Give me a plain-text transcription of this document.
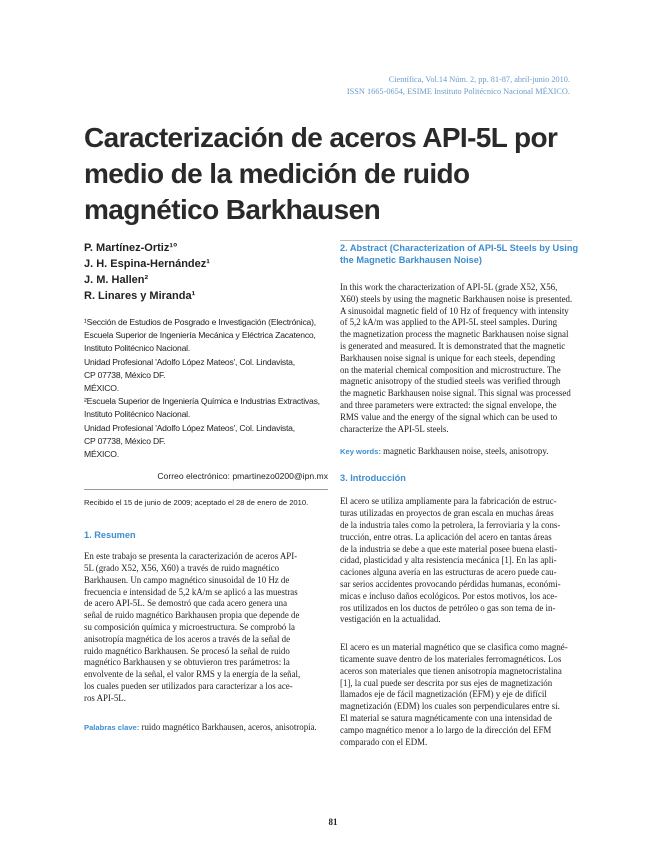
Científica, Vol.14 Núm. 2, pp. 81-87, abril-junio 2010.
ISSN 1665-0654, ESIME Instituto Politécnico Nacional MÉXICO.
Caracterización de aceros API-5L por
medio de la medición de ruido
magnético Barkhausen
P. Martínez-Ortiz¹°
J. H. Espina-Hernández¹
J. M. Hallen²
R. Linares y Miranda¹
¹Sección de Estudios de Posgrado e Investigación (Electrónica),
Escuela Superior de Ingeniería Mecánica y Eléctrica Zacatenco,
Instituto Politécnico Nacional.
Unidad Profesional 'Adolfo López Mateos', Col. Lindavista,
CP 07738, México DF.
MÉXICO.
²Escuela Superior de Ingeniería Química e Industrias Extractivas,
Instituto Politécnico Nacional.
Unidad Profesional 'Adolfo López Mateos', Col. Lindavista,
CP 07738, México DF.
MÉXICO.
Correo electrónico: pmartinezo0200@ipn.mx
Recibido el 15 de junio de 2009; aceptado el 28 de enero de 2010.
1. Resumen
En este trabajo se presenta la caracterización de aceros API-
5L (grado X52, X56, X60) a través de ruido magnético
Barkhausen. Un campo magnético sinusoidal de 10 Hz de
frecuencia e intensidad de 5,2 kA/m se aplicó a las muestras
de acero API-5L. Se demostró que cada acero genera una
señal de ruido magnético Barkhausen propia que depende de
su composición química y microestructura. Se comprobó la
anisotropía magnética de los aceros a través de la señal de
ruido magnético Barkhausen. Se procesó la señal de ruido
magnético Barkhausen y se obtuvieron tres parámetros: la
envolvente de la señal, el valor RMS y la energía de la señal,
los cuales pueden ser utilizados para caracterizar a los ace-
ros API-5L.
Palabras clave: ruido magnético Barkhausen, aceros, anisotropía.
2. Abstract (Characterization of API-5L Steels by Using
the Magnetic Barkhausen Noise)
In this work the characterization of API-5L (grade X52, X56,
X60) steels by using the magnetic Barkhausen noise is presented.
A sinusoidal magnetic field of 10 Hz of frequency with intensity
of 5,2 kA/m was applied to the API-5L steel samples. During
the magnetization process the magnetic Barkhausen noise signal
is generated and measured. It is demonstrated that the magnetic
Barkhausen noise signal is unique for each steels, depending
on the material chemical composition and microstructure. The
magnetic anisotropy of the studied steels was verified through
the magnetic Barkhausen noise signal. This signal was processed
and three parameters were extracted: the signal envelope, the
RMS value and the energy of the signal which can be used to
characterize the API-5L steels.
Key words: magnetic Barkhausen noise, steels, anisotropy.
3. Introducción
El acero se utiliza ampliamente para la fabricación de estruc-
turas utilizadas en proyectos de gran escala en muchas áreas
de la industria tales como la petrolera, la ferroviaria y la cons-
trucción, entre otras. La aplicación del acero en tantas áreas
de la industria se debe a que este material posee buena elasti-
cidad, plasticidad y alta resistencia mecánica [1]. En las apli-
caciones alguna avería en las estructuras de acero puede cau-
sar serios accidentes provocando pérdidas humanas, económi-
micas e incluso daños ecológicos. Por estos motivos, los ace-
ros utilizados en los ductos de petróleo o gas son tema de in-
vestigación en la actualidad.
El acero es un material magnético que se clasifica como magné-
ticamente suave dentro de los materiales ferromagnéticos. Los
aceros son materiales que tienen anisotropía magnetocristalina
[1], la cual puede ser descrita por sus ejes de magnetización
llamados eje de fácil magnetización (EFM) y eje de difícil
magnetización (EDM) los cuales son perpendiculares entre sí.
El material se satura magnéticamente con una intensidad de
campo magnético menor a lo largo de la dirección del EFM
comparado con el EDM.
81
